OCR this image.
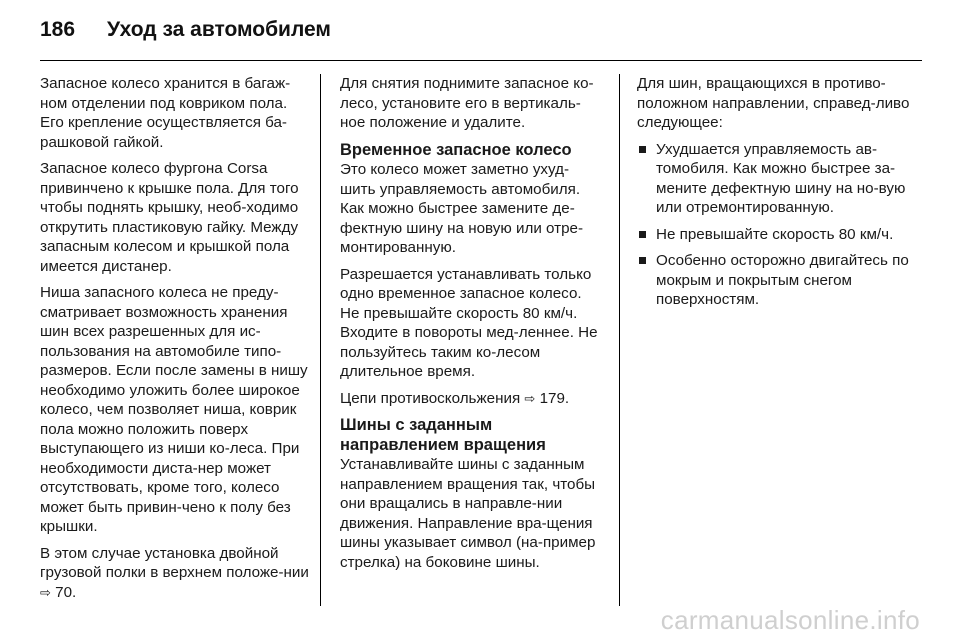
186 Уход за автомобилем

Запасное колесо хранится в багаж-ном отделении под ковриком пола. Его крепление осуществляется ба-рашковой гайкой.

Запасное колесо фургона Corsa привинчено к крышке пола. Для того чтобы поднять крышку, необ-ходимо открутить пластиковую гайку. Между запасным колесом и крышкой пола имеется дистанер.

Ниша запасного колеса не преду-сматривает возможность хранения шин всех разрешенных для ис-пользования на автомобиле типо-размеров. Если после замены в нишу необходимо уложить более широкое колесо, чем позволяет ниша, коврик пола можно положить поверх выступающего из ниши ко-леса. При необходимости диста-нер может отсутствовать, кроме того, колесо может быть привин-чено к полу без крышки.

В этом случае установка двойной грузовой полки в верхнем положе-нии ⇨ 70.

Для снятия поднимите запасное ко-лесо, установите его в вертикаль-ное положение и удалите.

Временное запасное колесо

Это колесо может заметно ухуд-шить управляемость автомобиля. Как можно быстрее замените де-фектную шину на новую или отре-монтированную.

Разрешается устанавливать только одно временное запасное колесо. Не превышайте скорость 80 км/ч. Входите в повороты мед-леннее. Не пользуйтесь таким ко-лесом длительное время.

Цепи противоскольжения ⇨ 179.

Шины с заданным направлением вращения

Устанавливайте шины с заданным направлением вращения так, чтобы они вращались в направле-нии движения. Направление вра-щения шины указывает символ (на-пример стрелка) на боковине шины.

Для шин, вращающихся в противо-положном направлении, справед-ливо следующее:

Ухудшается управляемость ав-томобиля. Как можно быстрее за-мените дефектную шину на но-вую или отремонтированную.
Не превышайте скорость 80 км/ч.
Особенно осторожно двигайтесь по мокрым и покрытым снегом поверхностям.
carmanualsonline.info
